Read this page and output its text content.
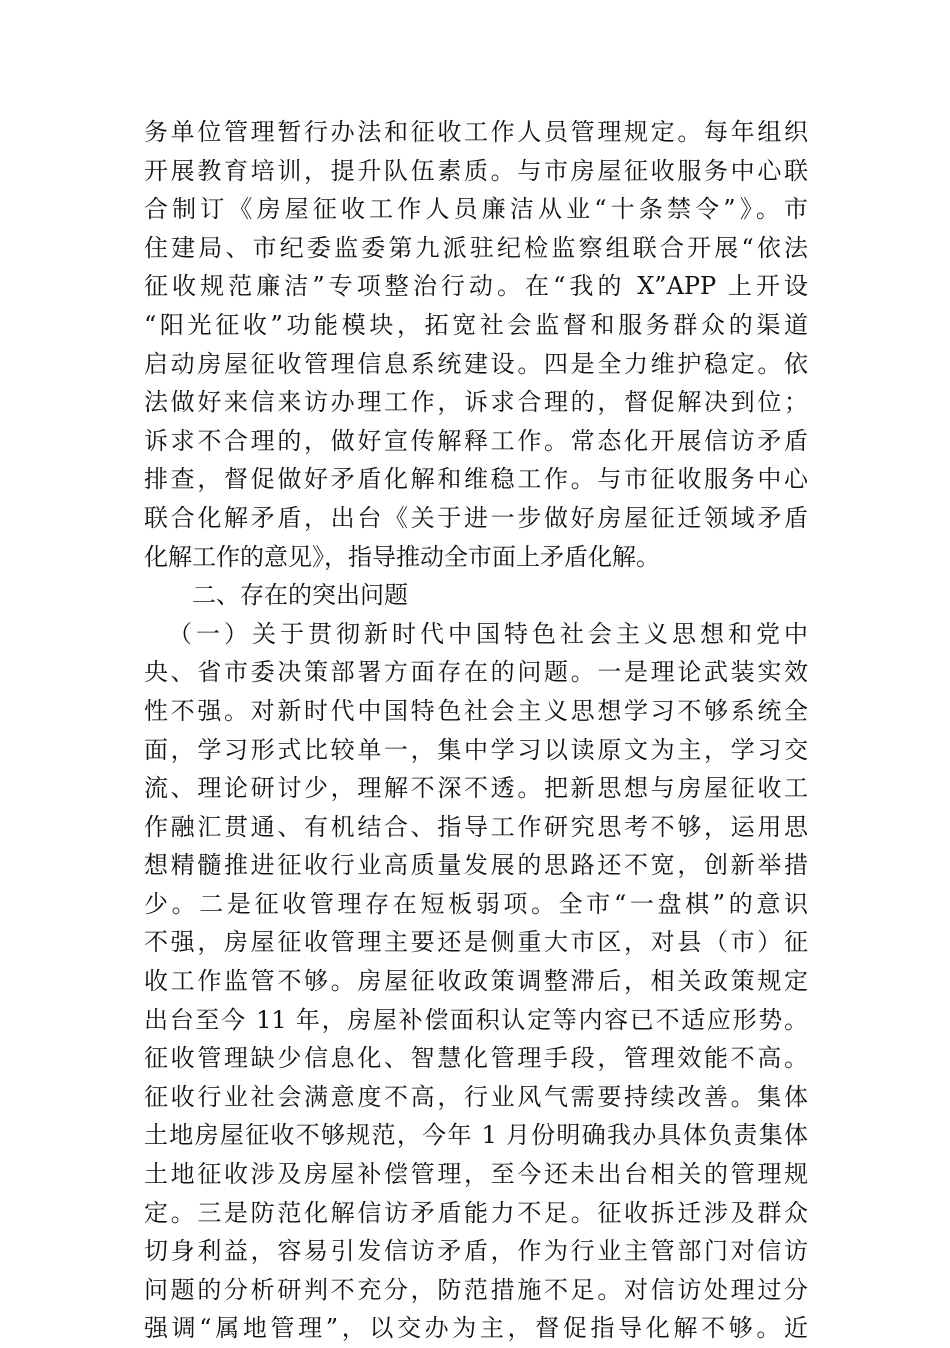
务单位管理暂行办法和征收工作人员管理规定。每年组织
开展教育培训，提升队伍素质。与市房屋征收服务中心联
合制订《房屋征收工作人员廉洁从业“十条禁令”》。市
住建局、市纪委监委第九派驻纪检监察组联合开展“依法
征收规范廉洁”专项整治行动。在“我的 X”APP 上开设
“阳光征收”功能模块，拓宽社会监督和服务群众的渠道
启动房屋征收管理信息系统建设。四是全力维护稳定。依
法做好来信来访办理工作，诉求合理的，督促解决到位；
诉求不合理的，做好宣传解释工作。常态化开展信访矛盾
排查，督促做好矛盾化解和维稳工作。与市征收服务中心
联合化解矛盾，出台《关于进一步做好房屋征迁领域矛盾
化解工作的意见》，指导推动全市面上矛盾化解。
二、存在的突出问题
（一）关于贯彻新时代中国特色社会主义思想和党中
央、省市委决策部署方面存在的问题。一是理论武装实效
性不强。对新时代中国特色社会主义思想学习不够系统全
面，学习形式比较单一，集中学习以读原文为主，学习交
流、理论研讨少，理解不深不透。把新思想与房屋征收工
作融汇贯通、有机结合、指导工作研究思考不够，运用思
想精髓推进征收行业高质量发展的思路还不宽，创新举措
少。二是征收管理存在短板弱项。全市“一盘棋”的意识
不强，房屋征收管理主要还是侧重大市区，对县（市）征
收工作监管不够。房屋征收政策调整滞后，相关政策规定
出台至今 11 年，房屋补偿面积认定等内容已不适应形势。
征收管理缺少信息化、智慧化管理手段，管理效能不高。
征收行业社会满意度不高，行业风气需要持续改善。集体
土地房屋征收不够规范，今年 1 月份明确我办具体负责集体
土地征收涉及房屋补偿管理，至今还未出台相关的管理规
定。三是防范化解信访矛盾能力不足。征收拆迁涉及群众
切身利益，容易引发信访矛盾，作为行业主管部门对信访
问题的分析研判不充分，防范措施不足。对信访处理过分
强调“属地管理”，以交办为主，督促指导化解不够。近
